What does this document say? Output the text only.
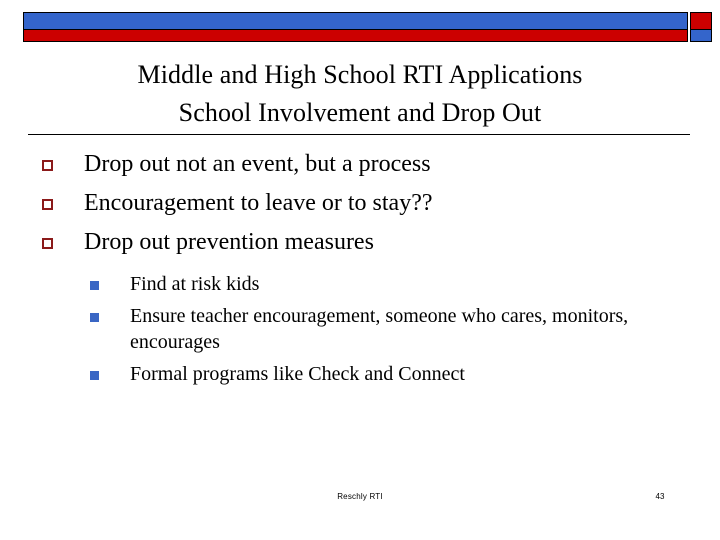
Middle and High School RTI Applications
School Involvement and Drop Out
Drop out not an event, but a process
Encouragement to leave or to stay??
Drop out prevention measures
Find at risk kids
Ensure teacher encouragement, someone who cares, monitors, encourages
Formal programs like Check and Connect
Reschly RTI	43
